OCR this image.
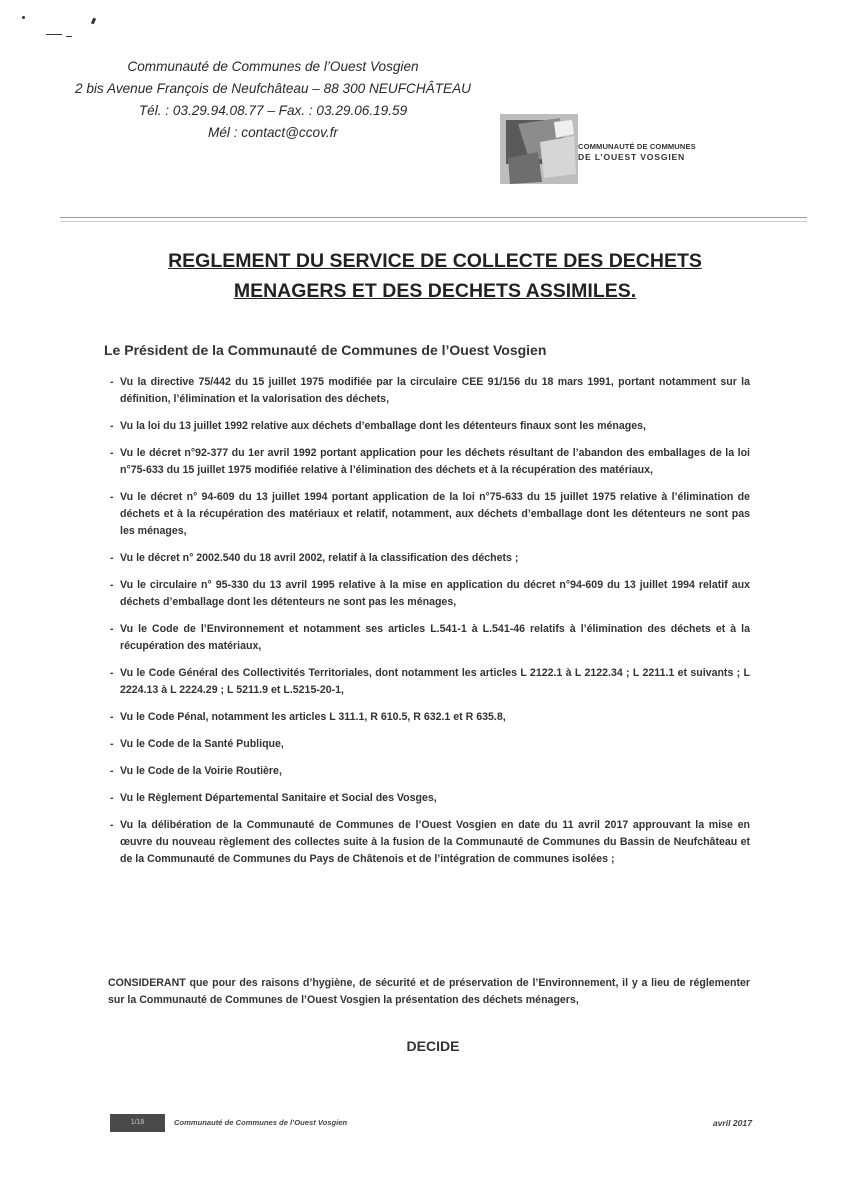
Communauté de Communes de l’Ouest Vosgien
2 bis Avenue François de Neufchâteau – 88 300 NEUFCHÂTEAU
Tél. : 03.29.94.08.77 – Fax. : 03.29.06.19.59
Mél : contact@ccov.fr
COMMUNAUTÉ DE COMMUNES
DE L’OUEST VOSGIEN
REGLEMENT DU SERVICE DE COLLECTE DES DECHETS
MENAGERS ET DES DECHETS ASSIMILES.
Le Président de la Communauté de Communes de l’Ouest Vosgien
- Vu la directive 75/442 du 15 juillet 1975 modifiée par la circulaire CEE 91/156 du 18 mars 1991, portant notamment sur la définition, l’élimination et la valorisation des déchets,
- Vu la loi du 13 juillet 1992 relative aux déchets d’emballage dont les détenteurs finaux sont les ménages,
- Vu le décret n°92-377 du 1er avril 1992 portant application pour les déchets résultant de l’abandon des emballages de la loi n°75-633 du 15 juillet 1975 modifiée relative à l’élimination des déchets et à la récupération des matériaux,
- Vu le décret n° 94-609 du 13 juillet 1994 portant application de la loi n°75-633 du 15 juillet 1975 relative à l’élimination de déchets et à la récupération des matériaux et relatif, notamment, aux déchets d’emballage dont les détenteurs ne sont pas les ménages,
- Vu le décret n° 2002.540 du 18 avril 2002, relatif à la classification des déchets ;
- Vu le circulaire n° 95-330 du 13 avril 1995 relative à la mise en application du décret n°94-609 du 13 juillet 1994 relatif aux déchets d’emballage dont les détenteurs ne sont pas les ménages,
- Vu le Code de l’Environnement et notamment ses articles L.541-1 à L.541-46 relatifs à l’élimination des déchets et à la récupération des matériaux,
- Vu le Code Général des Collectivités Territoriales, dont notamment les articles L 2122.1 à L 2122.34 ; L 2211.1 et suivants ; L 2224.13 à L 2224.29 ; L 5211.9 et L.5215-20-1,
- Vu le Code Pénal, notamment les articles L 311.1, R 610.5, R 632.1 et R 635.8,
- Vu le Code de la Santé Publique,
- Vu le Code de la Voirie Routière,
- Vu le Règlement Départemental Sanitaire et Social des Vosges,
- Vu la délibération de la Communauté de Communes de l’Ouest Vosgien en date du 11 avril 2017 approuvant la mise en œuvre du nouveau règlement des collectes suite à la fusion de la Communauté de Communes du Bassin de Neufchâteau et de la Communauté de Communes du Pays de Châtenois et de l’intégration de communes isolées ;
CONSIDERANT que pour des raisons d’hygiène, de sécurité et de préservation de l’Environnement, il y a lieu de réglementer sur la Communauté de Communes de l’Ouest Vosgien la présentation des déchets ménagers,
DECIDE
1/18	Communauté de Communes de l’Ouest Vosgien	avril 2017
